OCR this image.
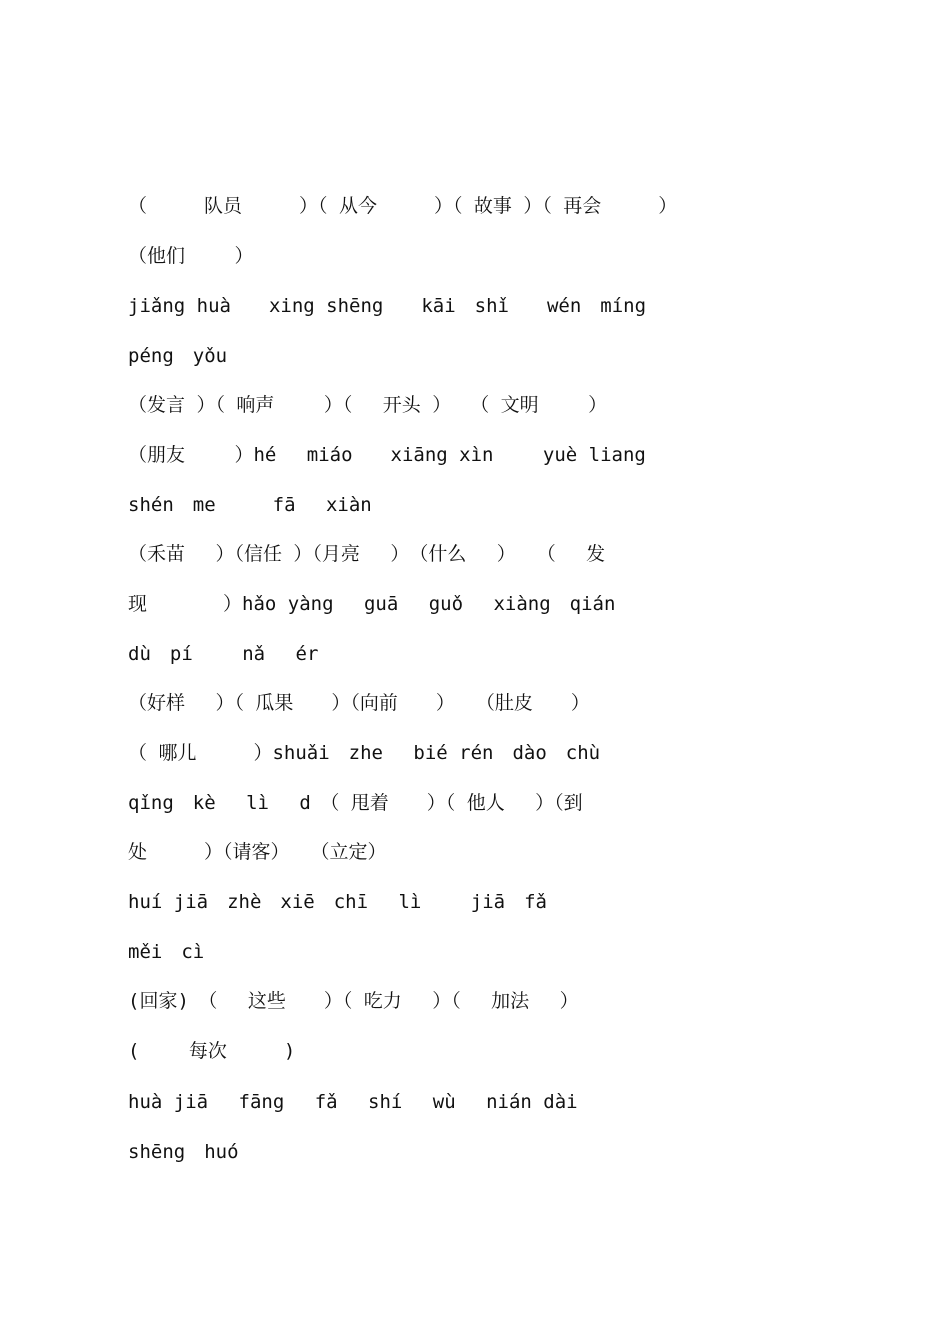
（　　　队员　　　）（ 从今　　　）（ 故事 ）（ 再会　　　）
（他们　　 ）
jiǎng huà　　xing shēng　　kāi　shǐ　　wén　míng
péng　yǒu
（发言 ）（ 响声　　 ）（　 开头 ）　　（ 文明　　 ）
（朋友　　 ）hé　 miáo　　xiāng xìn　　 yuè liang
shén　me　　　fā　 xiàn
（禾苗　 ）（信任 ）（月亮　 ）　（什么　 ）　 （　 发
现　　　　）hǎo yàng　 guā　 guǒ　 xiàng　qián
dù　pí　　 nǎ　 ér
（好样　 ）（ 瓜果　　）（向前　　）　 （肚皮　　）
（ 哪儿　　　）shuǎi　zhe　 bié rén　dào　chù
qǐng　kè　 lì　 d　（ 甩着　　）（ 他人　 ）（到
处　　　）（请客）　 （立定）
huí jiā　zhè　xiē　chī　 lì　　 jiā　fǎ
měi　cì
(回家)　（　 这些　　）（ 吃力　 ）（　 加法　 ）
(　　 每次　　　)
huà jiā　 fāng　 fǎ　 shí　 wù　 nián dài
shēng　huó
